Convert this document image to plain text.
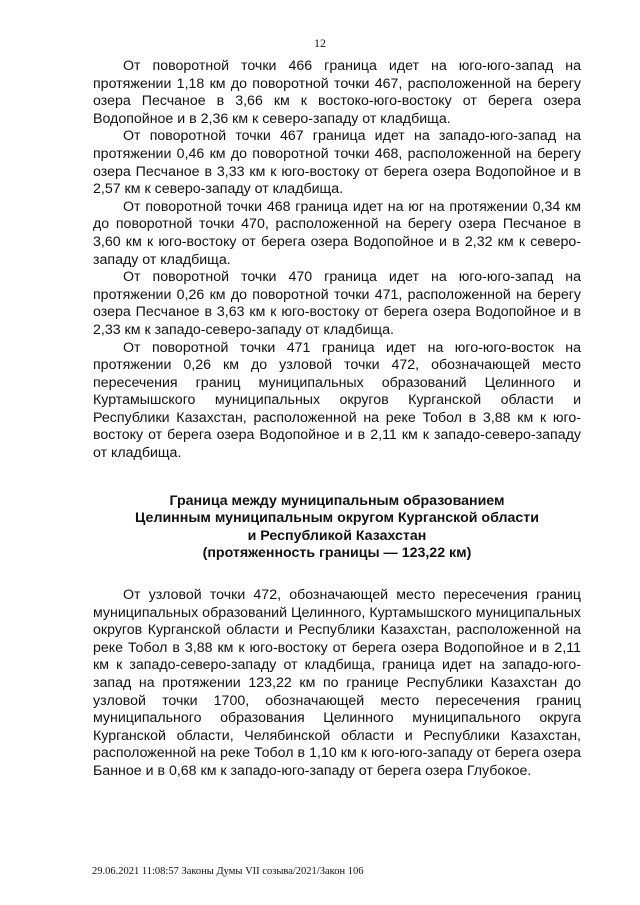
12

От поворотной точки 466 граница идет на юго-юго-запад на протяжении 1,18 км до поворотной точки 467, расположенной на берегу озера Песчаное в 3,66 км к востоко-юго-востоку от берега озера Водопойное и в 2,36 км к северо-западу от кладбища.

От поворотной точки 467 граница идет на западо-юго-запад на протяжении 0,46 км до поворотной точки 468, расположенной на берегу озера Песчаное в 3,33 км к юго-востоку от берега озера Водопойное и в 2,57 км к северо-западу от кладбища.

От поворотной точки 468 граница идет на юг на протяжении 0,34 км до поворотной точки 470, расположенной на берегу озера Песчаное в 3,60 км к юго-востоку от берега озера Водопойное и в 2,32 км к северо-западу от кладбища.

От поворотной точки 470 граница идет на юго-юго-запад на протяжении 0,26 км до поворотной точки 471, расположенной на берегу озера Песчаное в 3,63 км к юго-востоку от берега озера Водопойное и в 2,33 км к западо-северо-западу от кладбища.

От поворотной точки 471 граница идет на юго-юго-восток на протяжении 0,26 км до узловой точки 472, обозначающей место пересечения границ муниципальных образований Целинного и Куртамышского муниципальных округов Курганской области и Республики Казахстан, расположенной на реке Тобол в 3,88 км к юго-востоку от берега озера Водопойное и в 2,11 км к западо-северо-западу от кладбища.

Граница между муниципальным образованием
Целинным муниципальным округом Курганской области
и Республикой Казахстан
(протяженность границы — 123,22 км)

От узловой точки 472, обозначающей место пересечения границ муниципальных образований Целинного, Куртамышского муниципальных округов Курганской области и Республики Казахстан, расположенной на реке Тобол в 3,88 км к юго-востоку от берега озера Водопойное и в 2,11 км к западо-северо-западу от кладбища, граница идет на западо-юго-запад на протяжении 123,22 км по границе Республики Казахстан до узловой точки 1700, обозначающей место пересечения границ муниципального образования Целинного муниципального округа Курганской области, Челябинской области и Республики Казахстан, расположенной на реке Тобол в 1,10 км к юго-юго-западу от берега озера Банное и в 0,68 км к западо-юго-западу от берега озера Глубокое.

29.06.2021 11:08:57 Законы Думы VII созыва/2021/Закон 106
